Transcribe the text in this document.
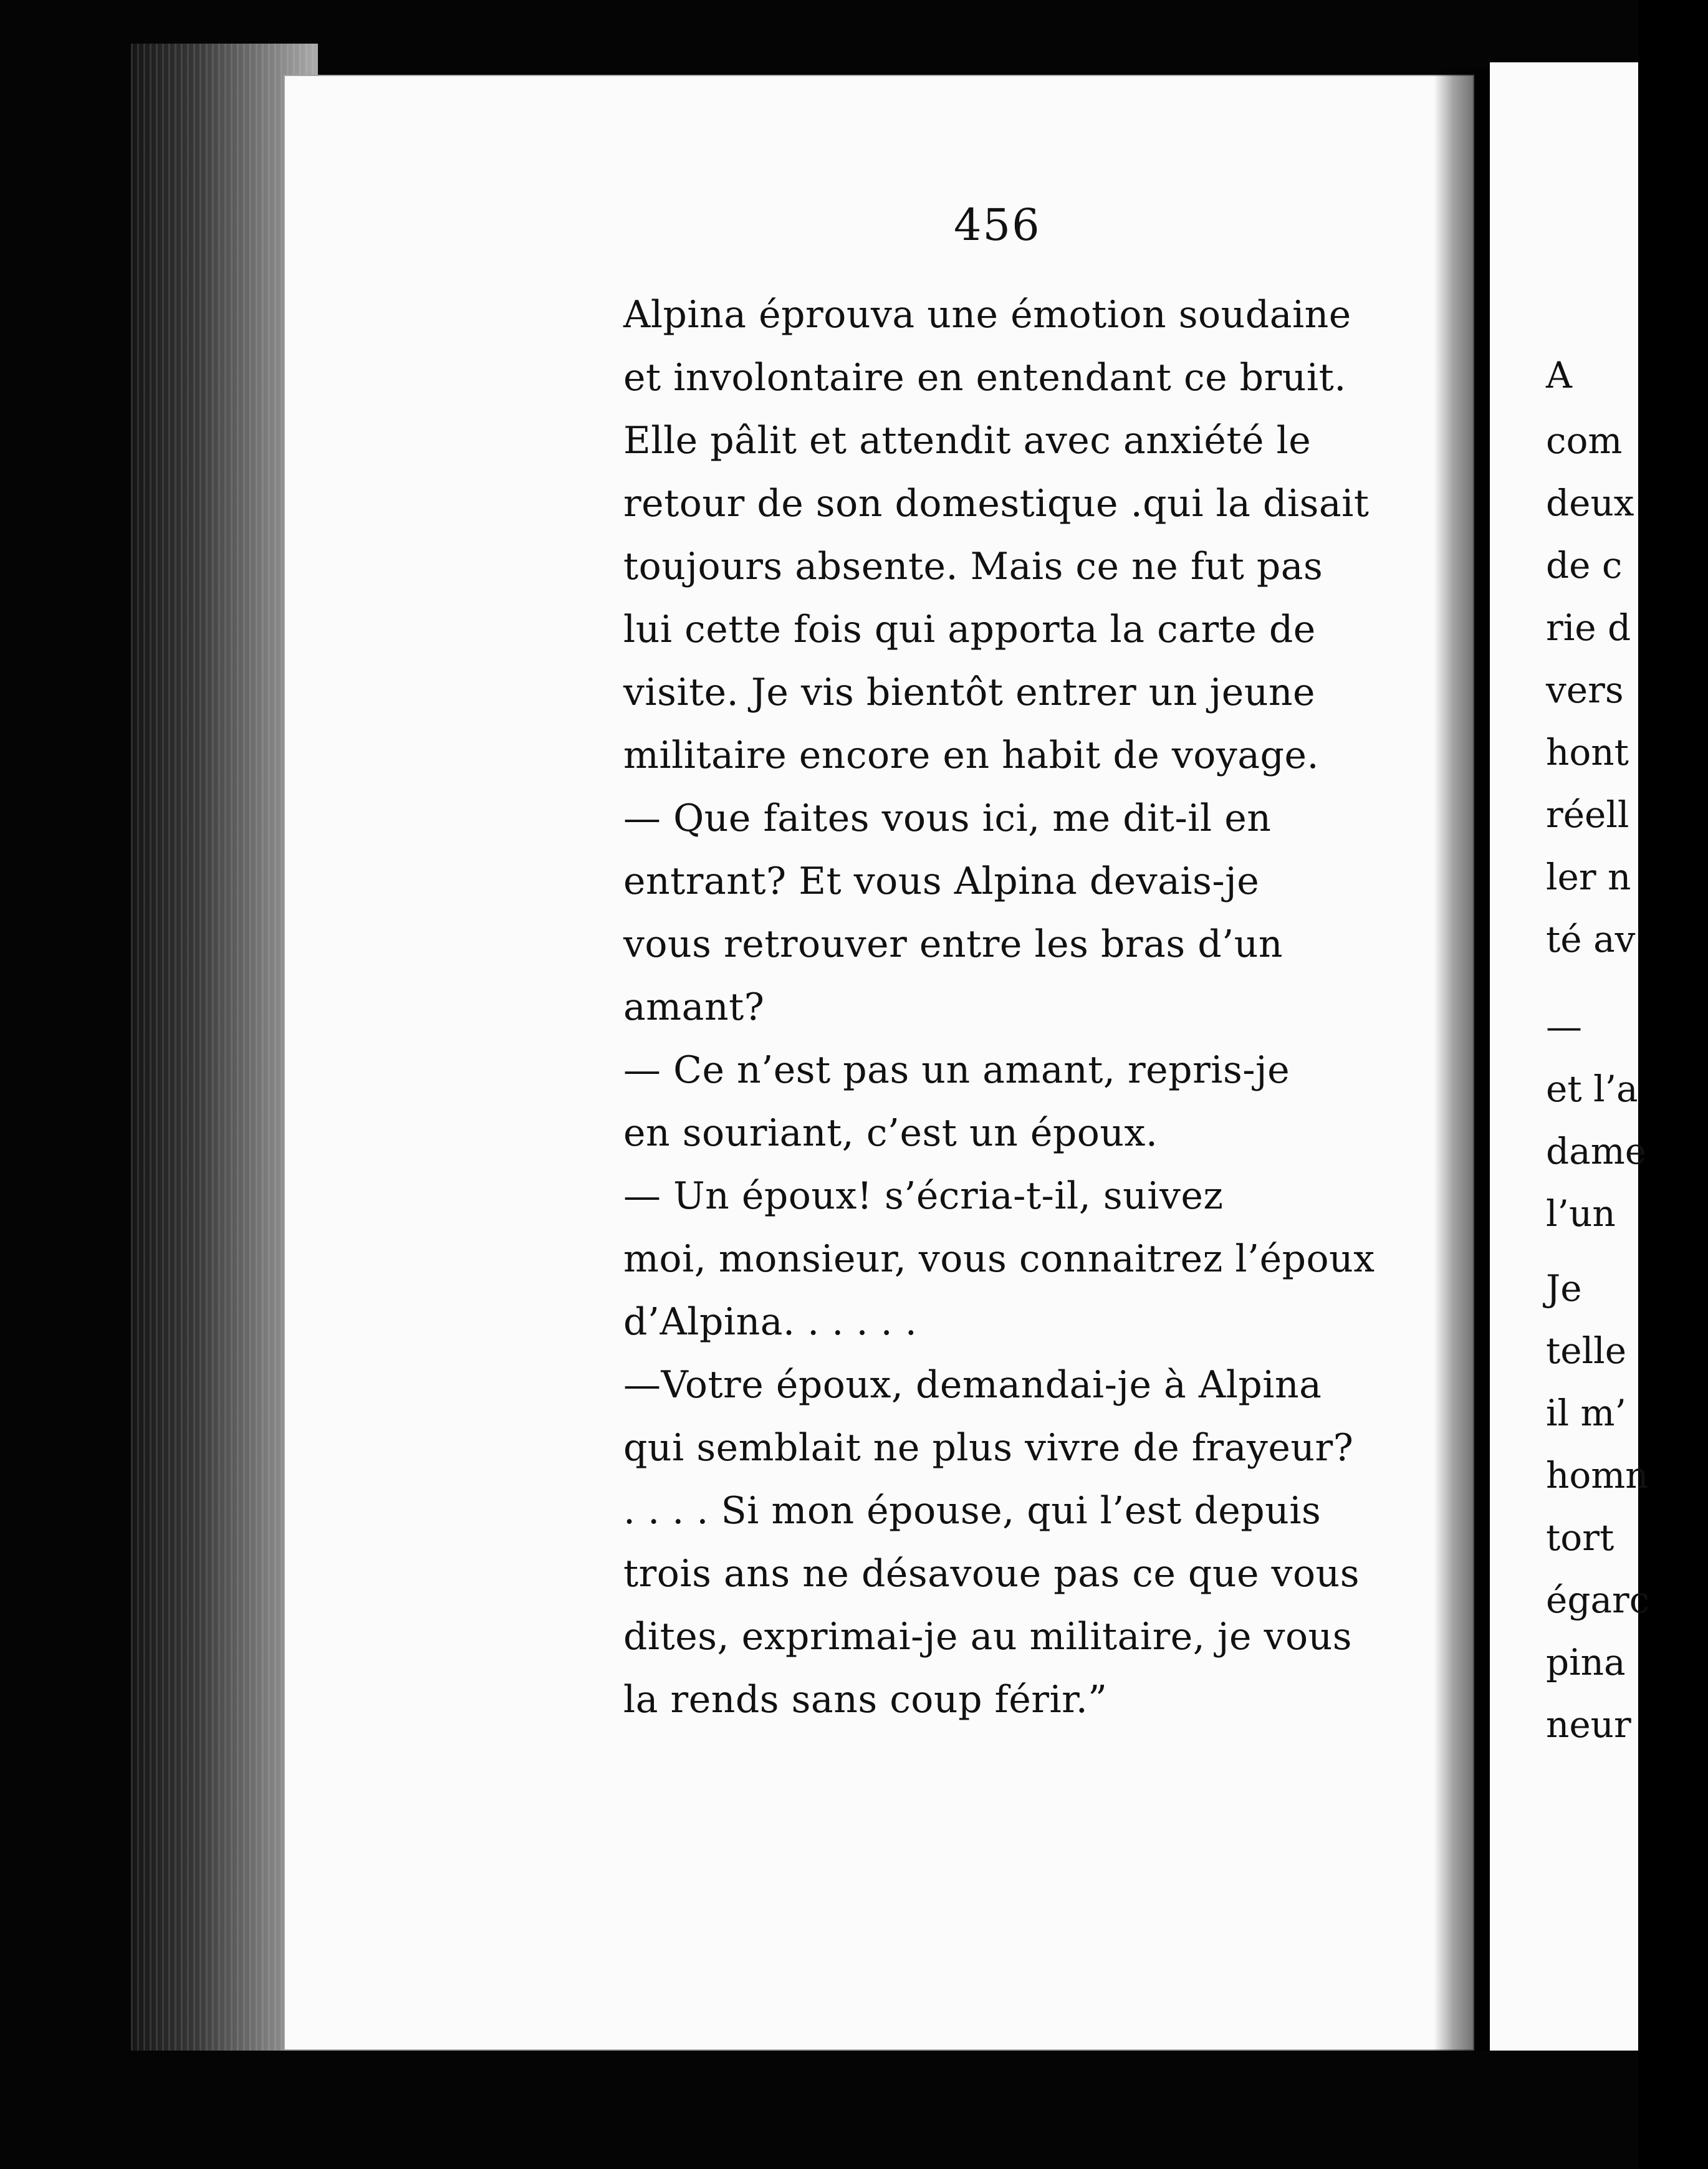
A
com
deux
de c
rie d
vers
hont
réell
ler n
té av
—
et l’a
dame
l’un
Je
telle
il m’
homn
tort
égarc
pina
neur
456
Alpina éprouva une émotion soudaine
et involontaire en entendant ce bruit.
Elle pâlit et attendit avec anxiété le
retour de son domestique .qui la disait
toujours absente. Mais ce ne fut pas
lui cette fois qui apporta la carte de
visite. Je vis bientôt entrer un jeune
militaire encore en habit de voyage.
— Que faites vous ici, me dit-il en
entrant? Et vous Alpina devais-je
vous retrouver entre les bras d’un
amant?
— Ce n’est pas un amant, repris-je
en souriant, c’est un époux.
— Un époux! s’écria-t-il, suivez
moi, monsieur, vous connaitrez l’époux
d’Alpina. . . . . .
—Votre époux, demandai-je à Alpina
qui semblait ne plus vivre de frayeur?
. . . . Si mon épouse, qui l’est depuis
trois ans ne désavoue pas ce que vous
dites, exprimai-je au militaire, je vous
la rends sans coup férir.”
